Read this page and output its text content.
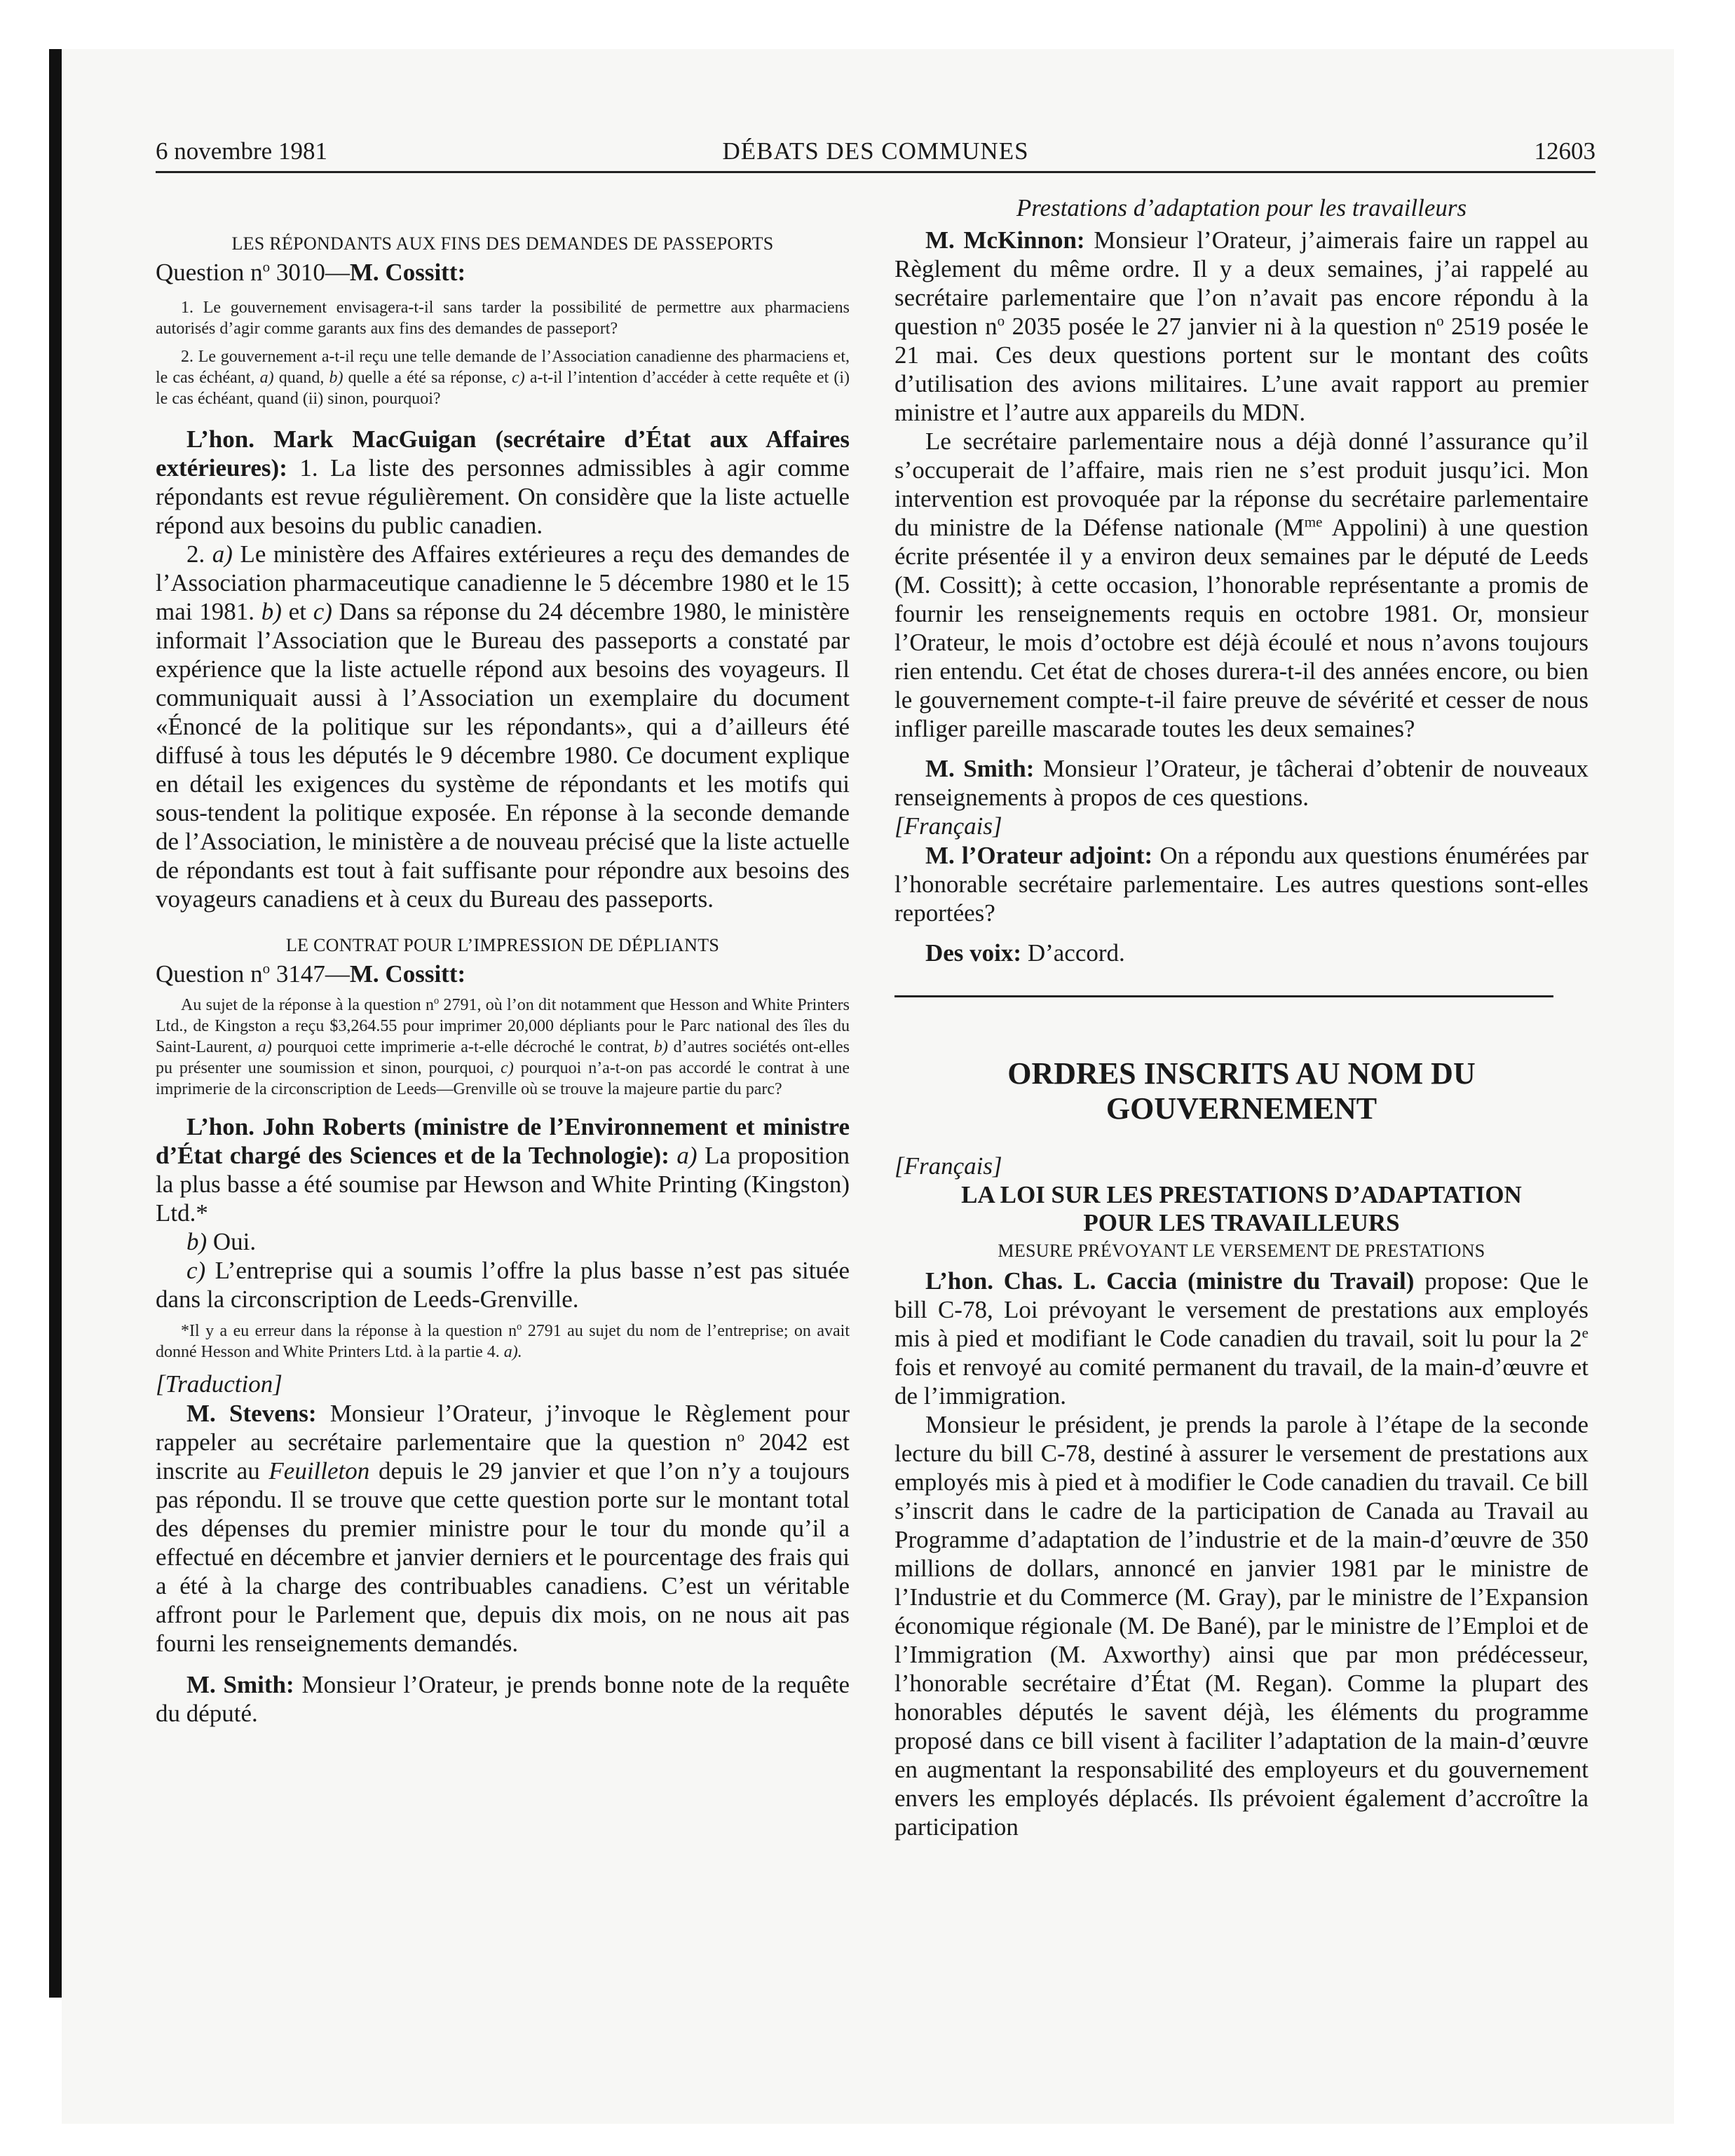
6 novembre 1981	DÉBATS DES COMMUNES	12603

LES RÉPONDANTS AUX FINS DES DEMANDES DE PASSEPORTS

Question $n^o$ 3010—M. Cossitt:

1. Le gouvernement envisagera-t-il sans tarder la possibilité de permettre aux pharmaciens autorisés d’agir comme garants aux fins des demandes de passeport?

2. Le gouvernement a-t-il reçu une telle demande de l’Association canadienne des pharmaciens et, le cas échéant, a) quand, b) quelle a été sa réponse, c) a-t-il l’intention d’accéder à cette requête et (i) le cas échéant, quand (ii) sinon, pourquoi?

L’hon. Mark MacGuigan (secrétaire d’État aux Affaires extérieures): 1. La liste des personnes admissibles à agir comme répondants est revue régulièrement. On considère que la liste actuelle répond aux besoins du public canadien.

2. a) Le ministère des Affaires extérieures a reçu des demandes de l’Association pharmaceutique canadienne le 5 décembre 1980 et le 15 mai 1981. b) et c) Dans sa réponse du 24 décembre 1980, le ministère informait l’Association que le Bureau des passeports a constaté par expérience que la liste actuelle répond aux besoins des voyageurs. Il communiquait aussi à l’Association un exemplaire du document «Énoncé de la politique sur les répondants», qui a d’ailleurs été diffusé à tous les députés le 9 décembre 1980. Ce document explique en détail les exigences du système de répondants et les motifs qui sous-tendent la politique exposée. En réponse à la seconde demande de l’Association, le ministère a de nouveau précisé que la liste actuelle de répondants est tout à fait suffisante pour répondre aux besoins des voyageurs canadiens et à ceux du Bureau des passeports.

LE CONTRAT POUR L’IMPRESSION DE DÉPLIANTS

Question $n^o$ 3147—M. Cossitt:

Au sujet de la réponse à la question $n^o$ 2791, où l’on dit notamment que Hesson and White Printers Ltd., de Kingston a reçu $3,264.55 pour imprimer 20,000 dépliants pour le Parc national des îles du Saint-Laurent, a) pourquoi cette imprimerie a-t-elle décroché le contrat, b) d’autres sociétés ont-elles pu présenter une soumission et sinon, pourquoi, c) pourquoi n’a-t-on pas accordé le contrat à une imprimerie de la circonscription de Leeds—Grenville où se trouve la majeure partie du parc?

L’hon. John Roberts (ministre de l’Environnement et ministre d’État chargé des Sciences et de la Technologie): a) La proposition la plus basse a été soumise par Hewson and White Printing (Kingston) Ltd.*

b) Oui.

c) L’entreprise qui a soumis l’offre la plus basse n’est pas située dans la circonscription de Leeds-Grenville.

*Il y a eu erreur dans la réponse à la question $n^o$ 2791 au sujet du nom de l’entreprise; on avait donné Hesson and White Printers Ltd. à la partie 4. a).

[Traduction]

M. Stevens: Monsieur l’Orateur, j’invoque le Règlement pour rappeler au secrétaire parlementaire que la question $n^o$ 2042 est inscrite au Feuilleton depuis le 29 janvier et que l’on n’y a toujours pas répondu. Il se trouve que cette question porte sur le montant total des dépenses du premier ministre pour le tour du monde qu’il a effectué en décembre et janvier derniers et le pourcentage des frais qui a été à la charge des contribuables canadiens. C’est un véritable affront pour le Parlement que, depuis dix mois, on ne nous ait pas fourni les renseignements demandés.

M. Smith: Monsieur l’Orateur, je prends bonne note de la requête du député.

Prestations d’adaptation pour les travailleurs

M. McKinnon: Monsieur l’Orateur, j’aimerais faire un rappel au Règlement du même ordre. Il y a deux semaines, j’ai rappelé au secrétaire parlementaire que l’on n’avait pas encore répondu à la question $n^o$ 2035 posée le 27 janvier ni à la question $n^o$ 2519 posée le 21 mai. Ces deux questions portent sur le montant des coûts d’utilisation des avions militaires. L’une avait rapport au premier ministre et l’autre aux appareils du MDN.

Le secrétaire parlementaire nous a déjà donné l’assurance qu’il s’occuperait de l’affaire, mais rien ne s’est produit jusqu’ici. Mon intervention est provoquée par la réponse du secrétaire parlementaire du ministre de la Défense nationale ($M^{me}$ Appolini) à une question écrite présentée il y a environ deux semaines par le député de Leeds (M. Cossitt); à cette occasion, l’honorable représentante a promis de fournir les renseignements requis en octobre 1981. Or, monsieur l’Orateur, le mois d’octobre est déjà écoulé et nous n’avons toujours rien entendu. Cet état de choses durera-t-il des années encore, ou bien le gouvernement compte-t-il faire preuve de sévérité et cesser de nous infliger pareille mascarade toutes les deux semaines?

M. Smith: Monsieur l’Orateur, je tâcherai d’obtenir de nouveaux renseignements à propos de ces questions.

[Français]

M. l’Orateur adjoint: On a répondu aux questions énumérées par l’honorable secrétaire parlementaire. Les autres questions sont-elles reportées?

Des voix: D’accord.

ORDRES INSCRITS AU NOM DU GOUVERNEMENT

[Français]

LA LOI SUR LES PRESTATIONS D’ADAPTATION POUR LES TRAVAILLEURS

MESURE PRÉVOYANT LE VERSEMENT DE PRESTATIONS

L’hon. Chas. L. Caccia (ministre du Travail) propose: Que le bill C-78, Loi prévoyant le versement de prestations aux employés mis à pied et modifiant le Code canadien du travail, soit lu pour la 2e fois et renvoyé au comité permanent du travail, de la main-d’œuvre et de l’immigration.

Monsieur le président, je prends la parole à l’étape de la seconde lecture du bill C-78, destiné à assurer le versement de prestations aux employés mis à pied et à modifier le Code canadien du travail. Ce bill s’inscrit dans le cadre de la participation de Canada au Travail au Programme d’adaptation de l’industrie et de la main-d’œuvre de 350 millions de dollars, annoncé en janvier 1981 par le ministre de l’Industrie et du Commerce (M. Gray), par le ministre de l’Expansion économique régionale (M. De Bané), par le ministre de l’Emploi et de l’Immigration (M. Axworthy) ainsi que par mon prédécesseur, l’honorable secrétaire d’État (M. Regan). Comme la plupart des honorables députés le savent déjà, les éléments du programme proposé dans ce bill visent à faciliter l’adaptation de la main-d’œuvre en augmentant la responsabilité des employeurs et du gouvernement envers les employés déplacés. Ils prévoient également d’accroître la participation
